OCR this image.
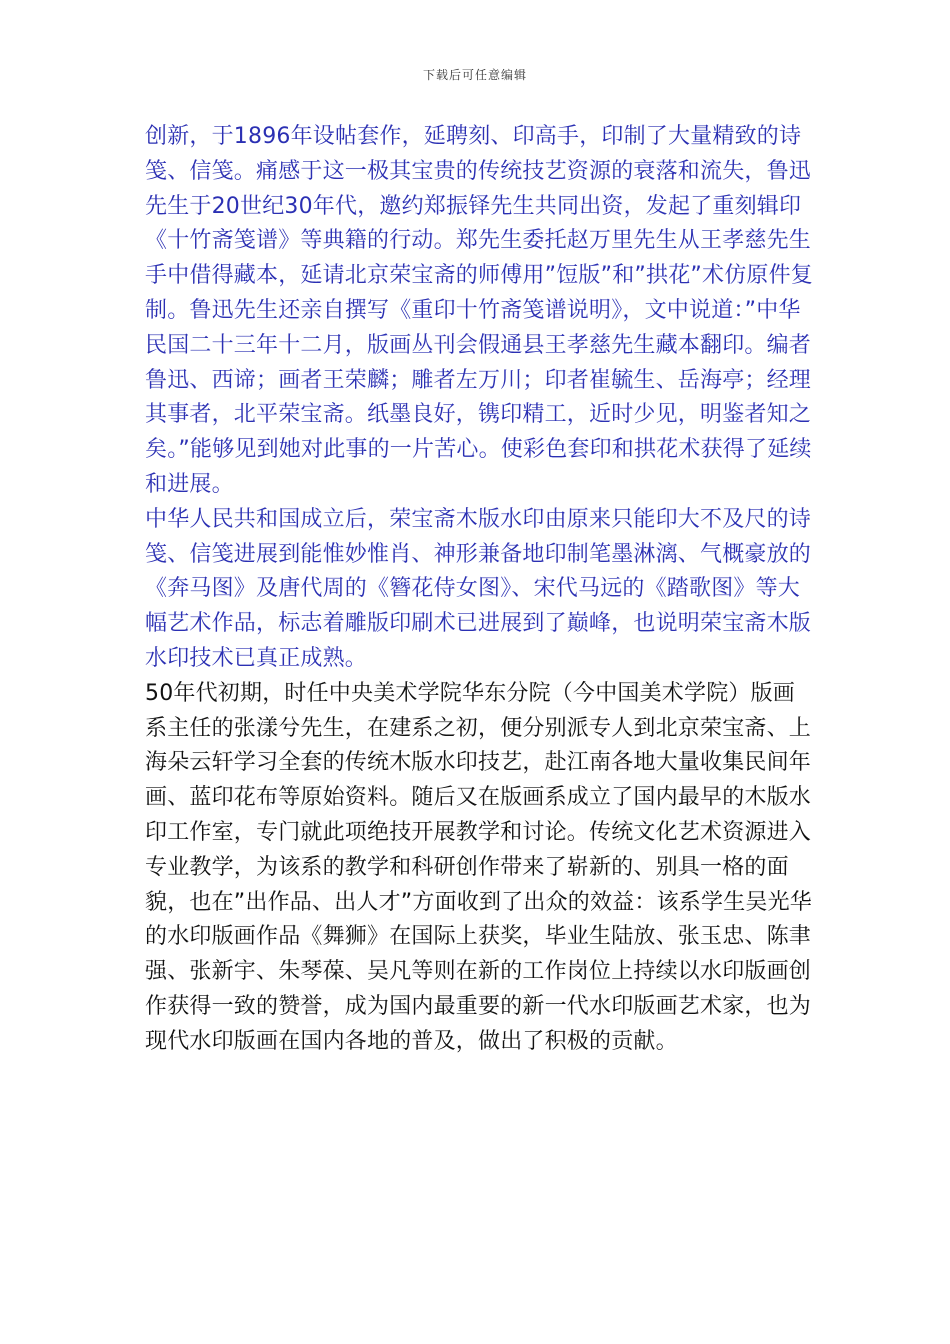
下载后可任意编辑

创新，于1896年设帖套作，延聘刻、印高手，印制了大量精致的诗笺、信笺。痛感于这一极其宝贵的传统技艺资源的衰落和流失，鲁迅先生于20世纪30年代，邀约郑振铎先生共同出资，发起了重刻辑印《十竹斋笺谱》等典籍的行动。郑先生委托赵万里先生从王孝慈先生手中借得藏本，延请北京荣宝斋的师傅用”饾版”和”拱花”术仿原件复制。鲁迅先生还亲自撰写《重印十竹斋笺谱说明》，文中说道：”中华民国二十三年十二月，版画丛刊会假通县王孝慈先生藏本翻印。编者鲁迅、西谛；画者王荣麟；雕者左万川；印者崔毓生、岳海亭；经理其事者，北平荣宝斋。纸墨良好，镌印精工，近时少见，明鉴者知之矣。”能够见到她对此事的一片苦心。使彩色套印和拱花术获得了延续和进展。

中华人民共和国成立后，荣宝斋木版水印由原来只能印大不及尺的诗笺、信笺进展到能惟妙惟肖、神形兼备地印制笔墨淋漓、气概豪放的《奔马图》及唐代周的《簪花侍女图》、宋代马远的《踏歌图》等大幅艺术作品，标志着雕版印刷术已进展到了巅峰，也说明荣宝斋木版水印技术已真正成熟。

50年代初期，时任中央美术学院华东分院（今中国美术学院）版画系主任的张漾兮先生，在建系之初，便分别派专人到北京荣宝斋、上海朵云轩学习全套的传统木版水印技艺，赴江南各地大量收集民间年画、蓝印花布等原始资料。随后又在版画系成立了国内最早的木版水印工作室，专门就此项绝技开展教学和讨论。传统文化艺术资源进入专业教学，为该系的教学和科研创作带来了崭新的、别具一格的面貌，也在”出作品、出人才”方面收到了出众的效益：该系学生吴光华的水印版画作品《舞狮》在国际上获奖，毕业生陆放、张玉忠、陈聿强、张新宇、朱琴葆、吴凡等则在新的工作岗位上持续以水印版画创作获得一致的赞誉，成为国内最重要的新一代水印版画艺术家，也为现代水印版画在国内各地的普及，做出了积极的贡献。
